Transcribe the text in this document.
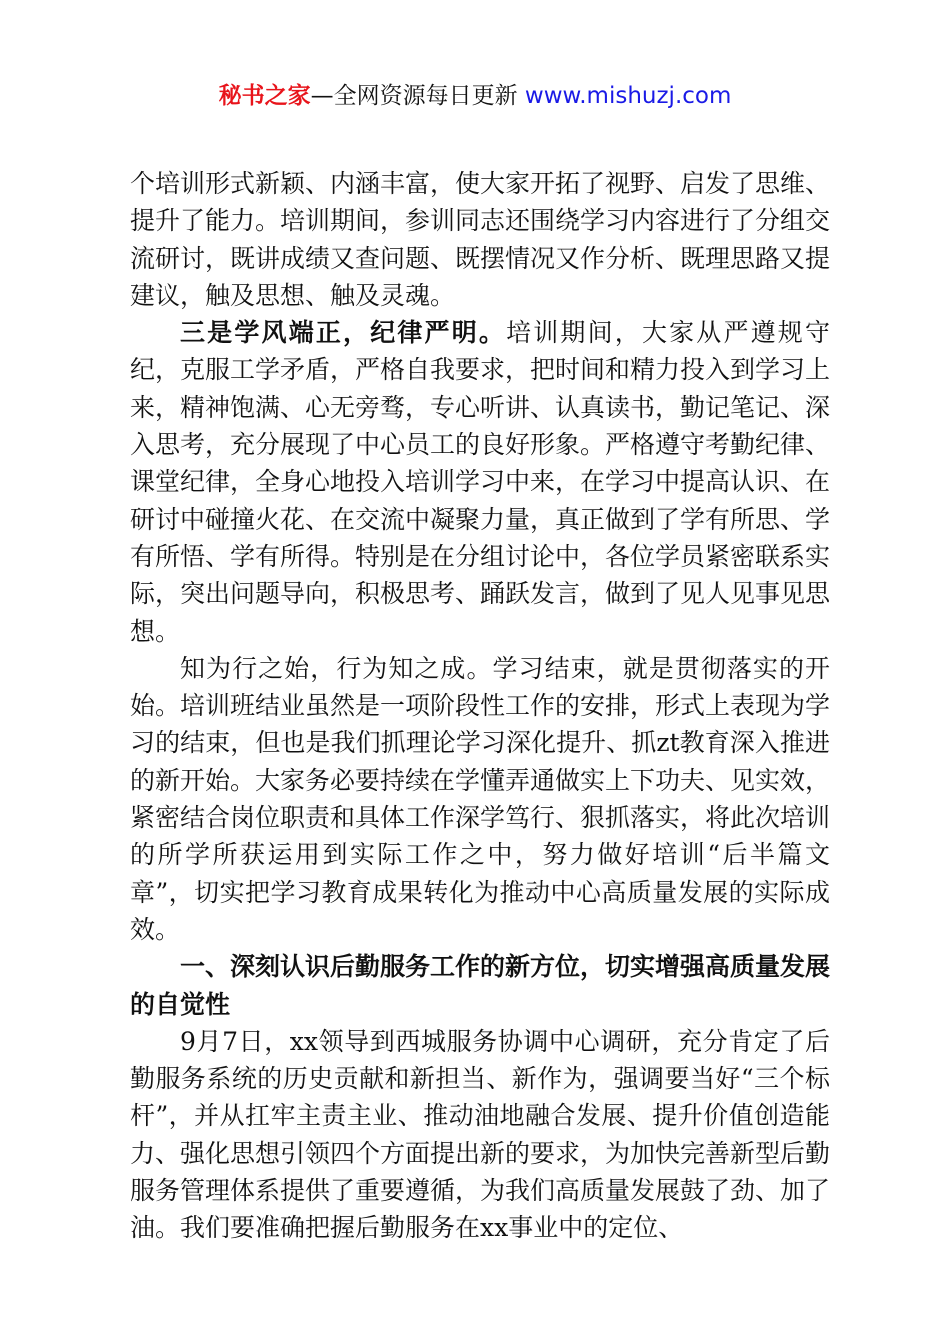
秘书之家—全网资源每日更新 www.mishuzj.com

个培训形式新颖、内涵丰富，使大家开拓了视野、启发了思维、提升了能力。培训期间，参训同志还围绕学习内容进行了分组交流研讨，既讲成绩又查问题、既摆情况又作分析、既理思路又提建议，触及思想、触及灵魂。

三是学风端正，纪律严明。培训期间，大家从严遵规守纪，克服工学矛盾，严格自我要求，把时间和精力投入到学习上来，精神饱满、心无旁骛，专心听讲、认真读书，勤记笔记、深入思考，充分展现了中心员工的良好形象。严格遵守考勤纪律、课堂纪律，全身心地投入培训学习中来，在学习中提高认识、在研讨中碰撞火花、在交流中凝聚力量，真正做到了学有所思、学有所悟、学有所得。特别是在分组讨论中，各位学员紧密联系实际，突出问题导向，积极思考、踊跃发言，做到了见人见事见思想。

知为行之始，行为知之成。学习结束，就是贯彻落实的开始。培训班结业虽然是一项阶段性工作的安排，形式上表现为学习的结束，但也是我们抓理论学习深化提升、抓zt教育深入推进的新开始。大家务必要持续在学懂弄通做实上下功夫、见实效，紧密结合岗位职责和具体工作深学笃行、狠抓落实，将此次培训的所学所获运用到实际工作之中，努力做好培训“后半篇文章”，切实把学习教育成果转化为推动中心高质量发展的实际成效。

一、深刻认识后勤服务工作的新方位，切实增强高质量发展的自觉性

9月7日，xx领导到西城服务协调中心调研，充分肯定了后勤服务系统的历史贡献和新担当、新作为，强调要当好“三个标杆”，并从扛牢主责主业、推动油地融合发展、提升价值创造能力、强化思想引领四个方面提出新的要求，为加快完善新型后勤服务管理体系提供了重要遵循，为我们高质量发展鼓了劲、加了油。我们要准确把握后勤服务在xx事业中的定位、
